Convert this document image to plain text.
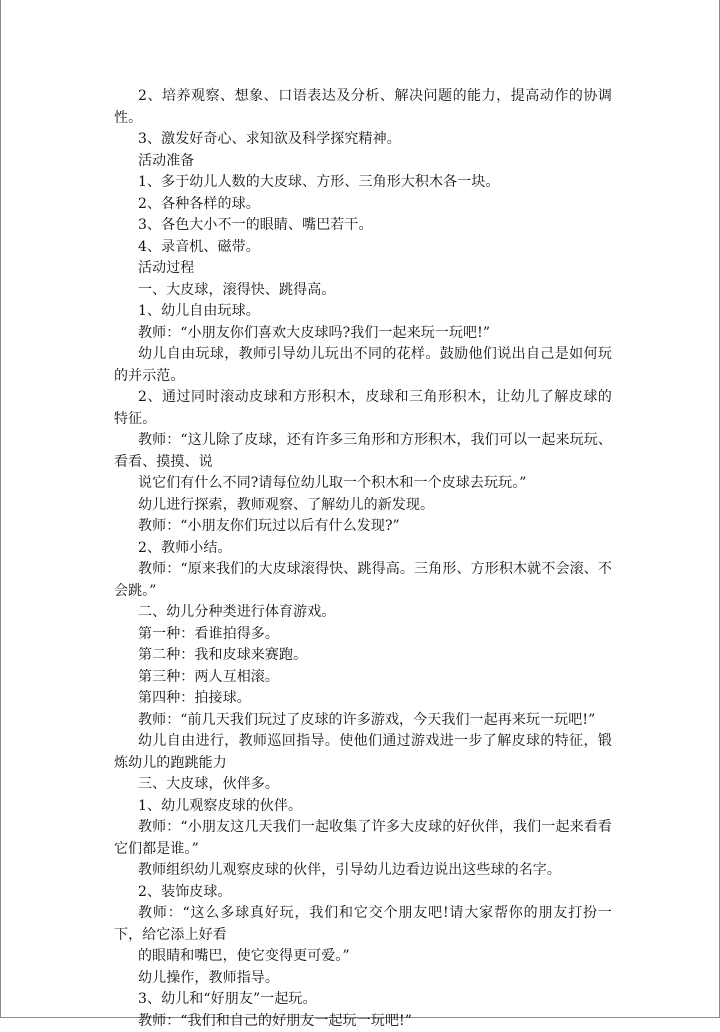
2、培养观察、想象、口语表达及分析、解决问题的能力，提高动作的协调性。

3、激发好奇心、求知欲及科学探究精神。

活动准备

1、多于幼儿人数的大皮球、方形、三角形大积木各一块。

2、各种各样的球。

3、各色大小不一的眼睛、嘴巴若干。

4、录音机、磁带。

活动过程

一、大皮球，滚得快、跳得高。

1、幼儿自由玩球。

教师：“小朋友你们喜欢大皮球吗?我们一起来玩一玩吧!”

幼儿自由玩球，教师引导幼儿玩出不同的花样。鼓励他们说出自己是如何玩的并示范。

2、通过同时滚动皮球和方形积木，皮球和三角形积木，让幼儿了解皮球的特征。

教师：“这儿除了皮球，还有许多三角形和方形积木，我们可以一起来玩玩、看看、摸摸、说

说它们有什么不同?请每位幼儿取一个积木和一个皮球去玩玩。”

幼儿进行探索，教师观察、了解幼儿的新发现。

教师：“小朋友你们玩过以后有什么发现?”

2、教师小结。

教师：“原来我们的大皮球滚得快、跳得高。三角形、方形积木就不会滚、不会跳。”

二、幼儿分种类进行体育游戏。

第一种：看谁拍得多。

第二种：我和皮球来赛跑。

第三种：两人互相滚。

第四种：拍接球。

教师：“前几天我们玩过了皮球的许多游戏，今天我们一起再来玩一玩吧!”

幼儿自由进行，教师巡回指导。使他们通过游戏进一步了解皮球的特征，锻炼幼儿的跑跳能力

三、大皮球，伙伴多。

1、幼儿观察皮球的伙伴。

教师：“小朋友这几天我们一起收集了许多大皮球的好伙伴，我们一起来看看它们都是谁。”

教师组织幼儿观察皮球的伙伴，引导幼儿边看边说出这些球的名字。

2、装饰皮球。

教师：“这么多球真好玩，我们和它交个朋友吧!请大家帮你的朋友打扮一下，给它添上好看

的眼睛和嘴巴，使它变得更可爱。”

幼儿操作，教师指导。

3、幼儿和“好朋友”一起玩。

教师：“我们和自己的好朋友一起玩一玩吧!”
